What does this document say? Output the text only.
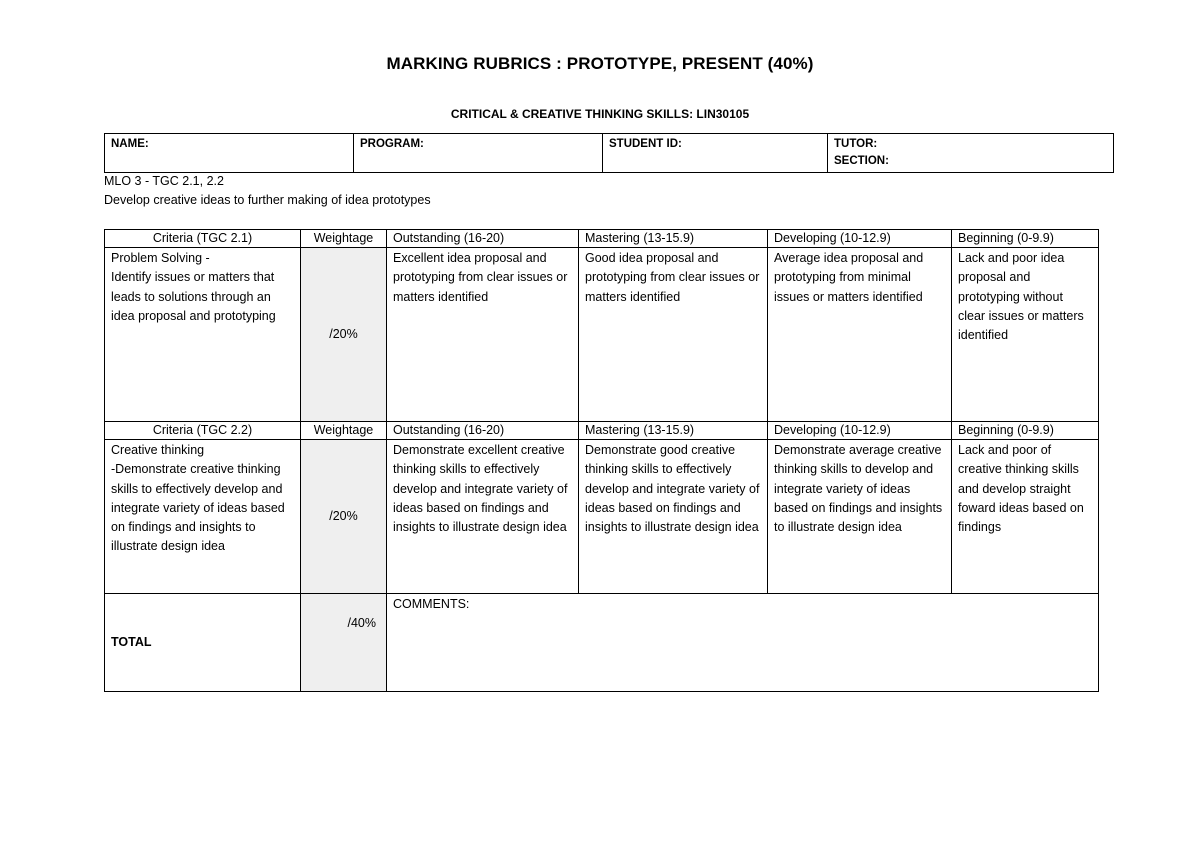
MARKING RUBRICS : PROTOTYPE, PRESENT (40%)
CRITICAL & CREATIVE THINKING SKILLS: LIN30105
NAME:	PROGRAM:	STUDENT ID:	TUTOR:
SECTION:
MLO 3 - TGC 2.1, 2.2
Develop creative ideas to further making of idea prototypes
Criteria (TGC 2.1)	Weightage	Outstanding (16-20)	Mastering (13-15.9)	Developing (10-12.9)	Beginning (0-9.9)
Problem Solving -
Identify issues or matters that leads to solutions through an idea proposal and prototyping	/20%	Excellent idea proposal and prototyping from clear issues or matters identified	Good idea proposal and prototyping from clear issues or matters identified	Average idea proposal and prototyping from minimal issues or matters identified	Lack and poor idea proposal and prototyping without clear issues or matters identified
Criteria (TGC 2.2)	Weightage	Outstanding (16-20)	Mastering (13-15.9)	Developing (10-12.9)	Beginning (0-9.9)
Creative thinking
-Demonstrate creative thinking skills to effectively develop and integrate variety of ideas based on findings and insights to illustrate design idea	/20%	Demonstrate excellent creative thinking skills to effectively develop and integrate variety of ideas based on findings and insights to illustrate design idea	Demonstrate good creative thinking skills to effectively develop and integrate variety of ideas based on findings and insights to illustrate design idea	Demonstrate average creative thinking skills to develop and integrate variety of ideas based on findings and insights to illustrate design idea	Lack and poor of creative thinking skills and develop straight foward ideas based on findings
TOTAL	/40%	COMMENTS:			
